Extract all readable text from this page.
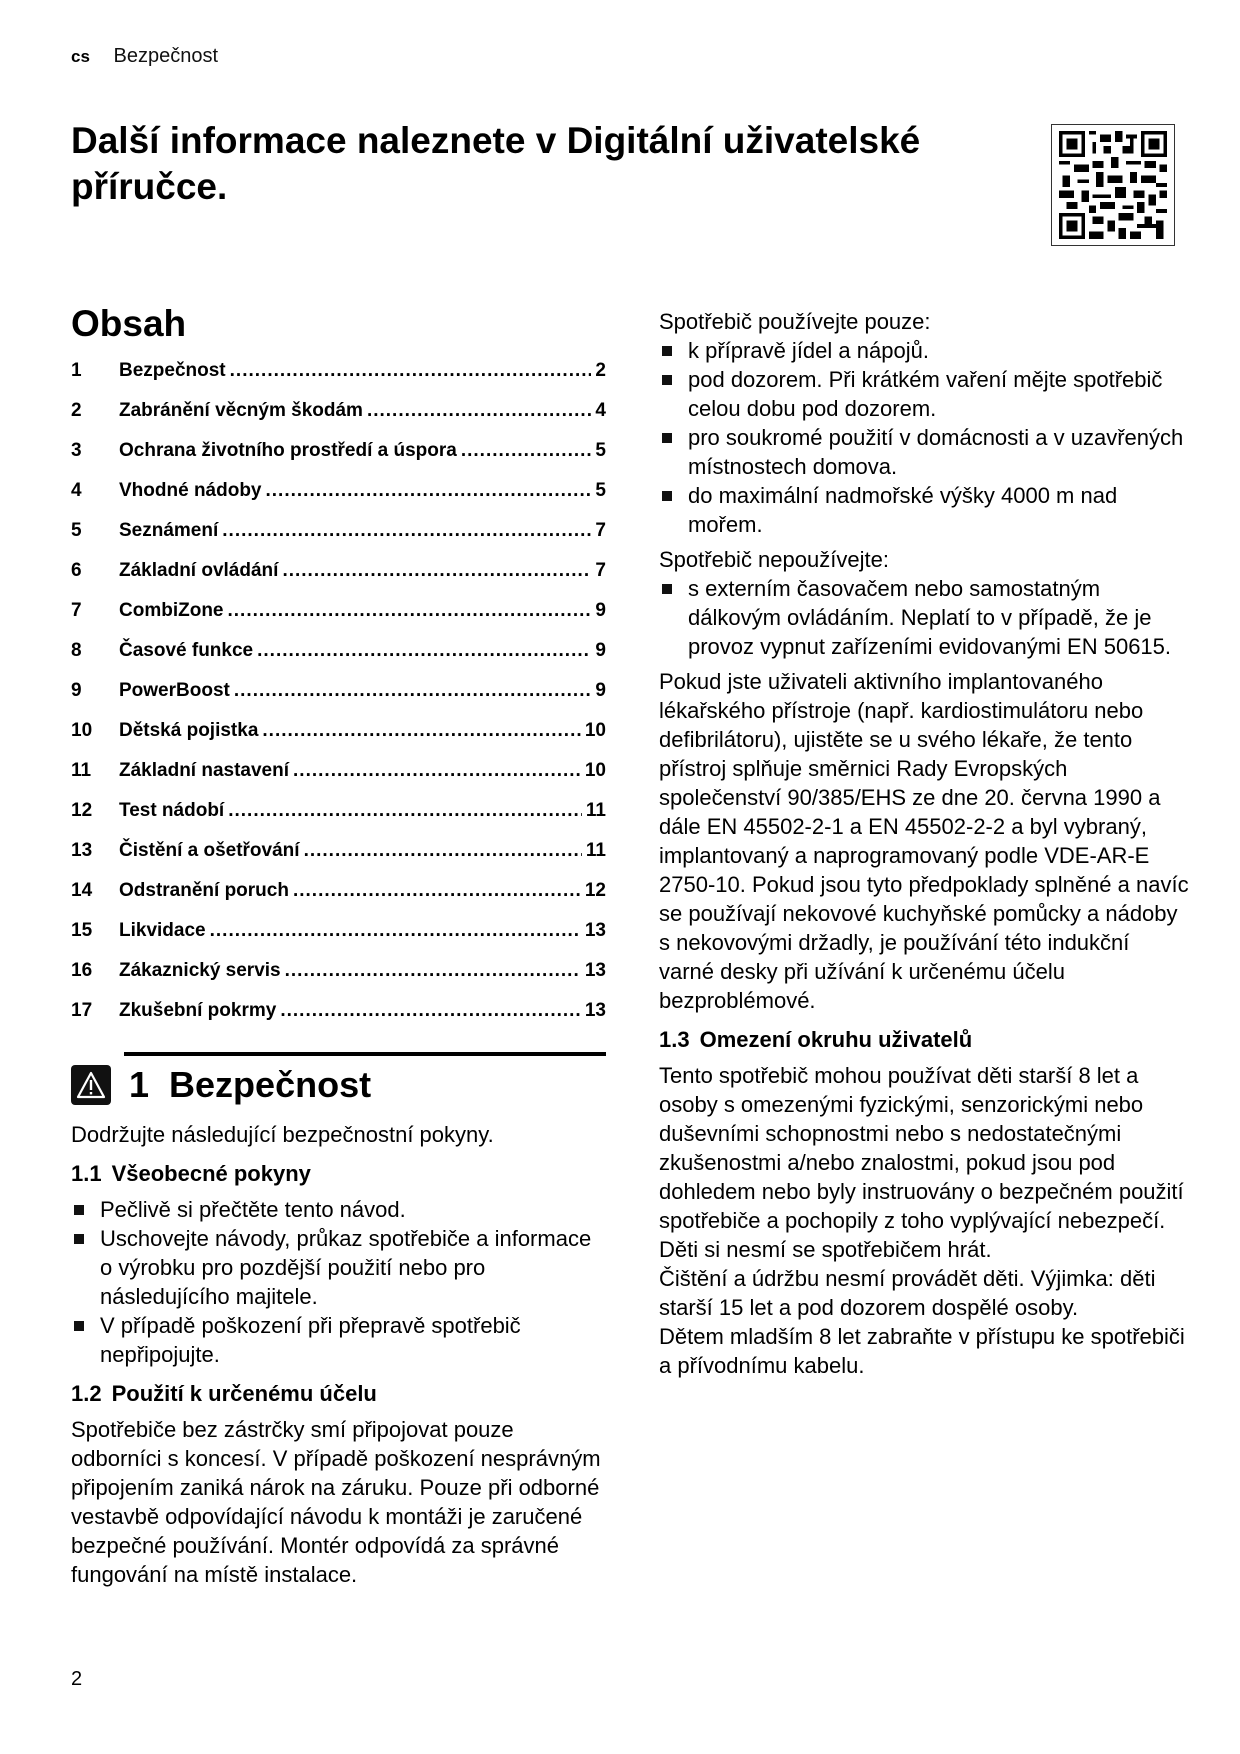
cs Bezpečnost
Další informace naleznete v Digitální uživatelské příručce.
Obsah
1	Bezpečnost .....	2
2	Zabránění věcným škodám .....	4
3	Ochrana životního prostředí a úspora .....	5
4	Vhodné nádoby .....	5
5	Seznámení .....	7
6	Základní ovládání .....	7
7	CombiZone .....	9
8	Časové funkce .....	9
9	PowerBoost .....	9
10	Dětská pojistka .....	10
11	Základní nastavení .....	10
12	Test nádobí .....	11
13	Čistění a ošetřování .....	11
14	Odstranění poruch .....	12
15	Likvidace .....	13
16	Zákaznický servis .....	13
17	Zkušební pokrmy .....	13
1 Bezpečnost

Dodržujte následující bezpečnostní pokyny.

1.1 Všeobecné pokyny
Pečlivě si přečtěte tento návod.
Uschovejte návody, průkaz spotřebiče a informace o výrobku pro pozdější použití nebo pro následujícího majitele.
V případě poškození při přepravě spotřebič nepřipojujte.
1.2 Použití k určenému účelu

Spotřebiče bez zástrčky smí připojovat pouze odborníci s koncesí. V případě poškození nesprávným připojením zaniká nárok na záruku. Pouze při odborné vestavbě odpovídající návodu k montáži je zaručené bezpečné používání. Montér odpovídá za správné fungování na místě instalace.

Spotřebič používejte pouze:

k přípravě jídel a nápojů.
pod dozorem. Při krátkém vaření mějte spotřebič celou dobu pod dozorem.
pro soukromé použití v domácnosti a v uzavřených místnostech domova.
do maximální nadmořské výšky 4000 m nad mořem.

Spotřebič nepoužívejte:

s externím časovačem nebo samostatným dálkovým ovládáním. Neplatí to v případě, že je provoz vypnut zařízeními evidovanými EN 50615.

Pokud jste uživateli aktivního implantovaného lékařského přístroje (např. kardiostimulátoru nebo defibrilátoru), ujistěte se u svého lékaře, že tento přístroj splňuje směrnici Rady Evropských společenství 90/385/EHS ze dne 20. června 1990 a dále EN 45502-2-1 a EN 45502-2-2 a byl vybraný, implantovaný a naprogramovaný podle VDE-AR-E 2750-10. Pokud jsou tyto předpoklady splněné a navíc se používají nekovové kuchyňské pomůcky a nádoby s nekovovými držadly, je používání této indukční varné desky při užívání k určenému účelu bezproblémové.

1.3 Omezení okruhu uživatelů

Tento spotřebič mohou používat děti starší 8 let a osoby s omezenými fyzickými, senzorickými nebo duševními schopnostmi nebo s nedostatečnými zkušenostmi a/nebo znalostmi, pokud jsou pod dohledem nebo byly instruovány o bezpečném použití spotřebiče a pochopily z toho vyplývající nebezpečí.

Děti si nesmí se spotřebičem hrát.

Čištění a údržbu nesmí provádět děti. Výjimka: děti starší 15 let a pod dozorem dospělé osoby.

Dětem mladším 8 let zabraňte v přístupu ke spotřebiči a přívodnímu kabelu.

2
